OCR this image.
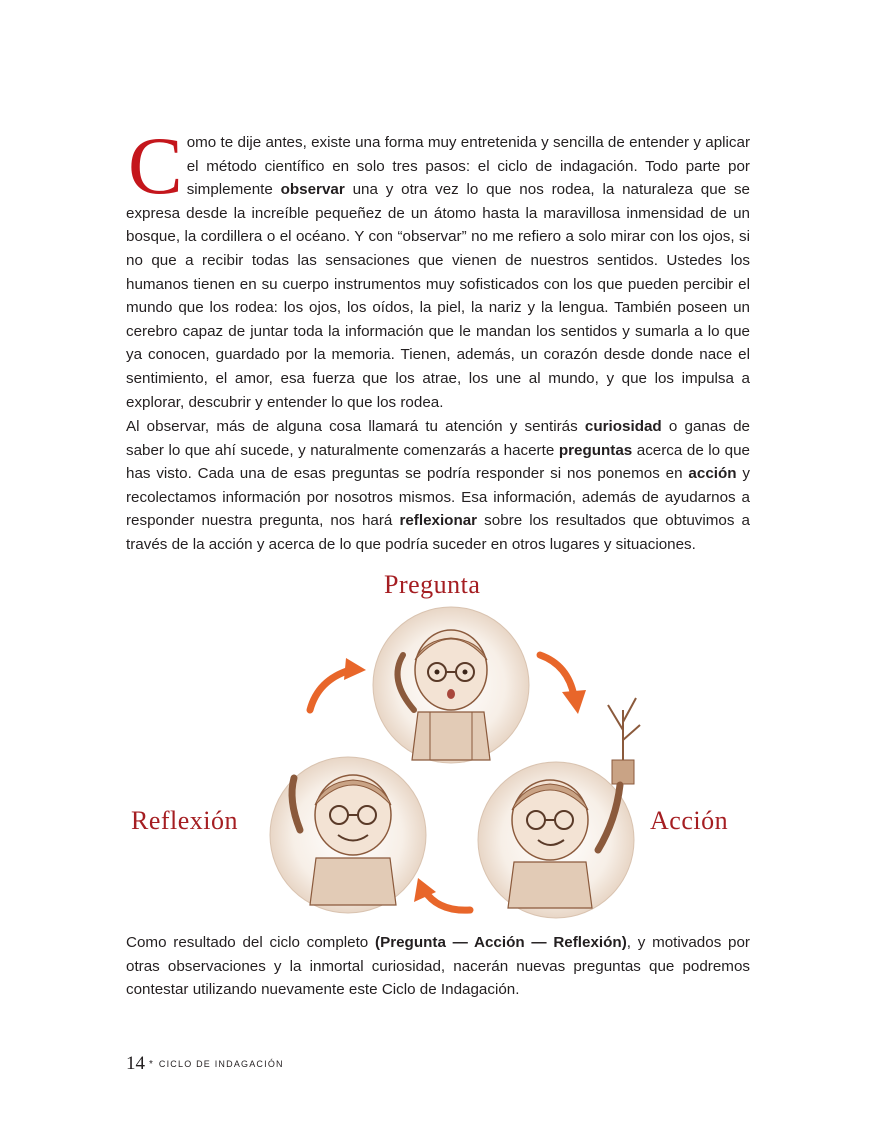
Como te dije antes, existe una forma muy entretenida y sencilla de entender y aplicar el método científico en solo tres pasos: el ciclo de indagación. Todo parte por simplemente observar una y otra vez lo que nos rodea, la naturaleza que se expresa desde la increíble pequeñez de un átomo hasta la maravillosa inmensidad de un bosque, la cordillera o el océano. Y con “observar” no me refiero a solo mirar con los ojos, si no que a recibir todas las sensaciones que vienen de nuestros sentidos. Ustedes los humanos tienen en su cuerpo instrumentos muy sofisticados con los que pueden percibir el mundo que los rodea: los ojos, los oídos, la piel, la nariz y la lengua. También poseen un cerebro capaz de juntar toda la información que le mandan los sentidos y sumarla a lo que ya conocen, guardado por la memoria. Tienen, además, un corazón desde donde nace el sentimiento, el amor, esa fuerza que los atrae, los une al mundo, y que los impulsa a explorar, descubrir y entender lo que los rodea.

Al observar, más de alguna cosa llamará tu atención y sentirás curiosidad o ganas de saber lo que ahí sucede, y naturalmente comenzarás a hacerte preguntas acerca de lo que has visto. Cada una de esas preguntas se podría responder si nos ponemos en acción y recolectamos información por nosotros mismos. Esa información, además de ayudarnos a responder nuestra pregunta, nos hará reflexionar sobre los resultados que obtuvimos a través de la acción y acerca de lo que podría suceder en otros lugares y situaciones.

Pregunta
Reflexión	Acción

Como resultado del ciclo completo (Pregunta — Acción — Reflexión), y motivados por otras observaciones y la inmortal curiosidad, nacerán nuevas preguntas que podremos contestar utilizando nuevamente este Ciclo de Indagación.

14 * CICLO DE INDAGACIÓN
